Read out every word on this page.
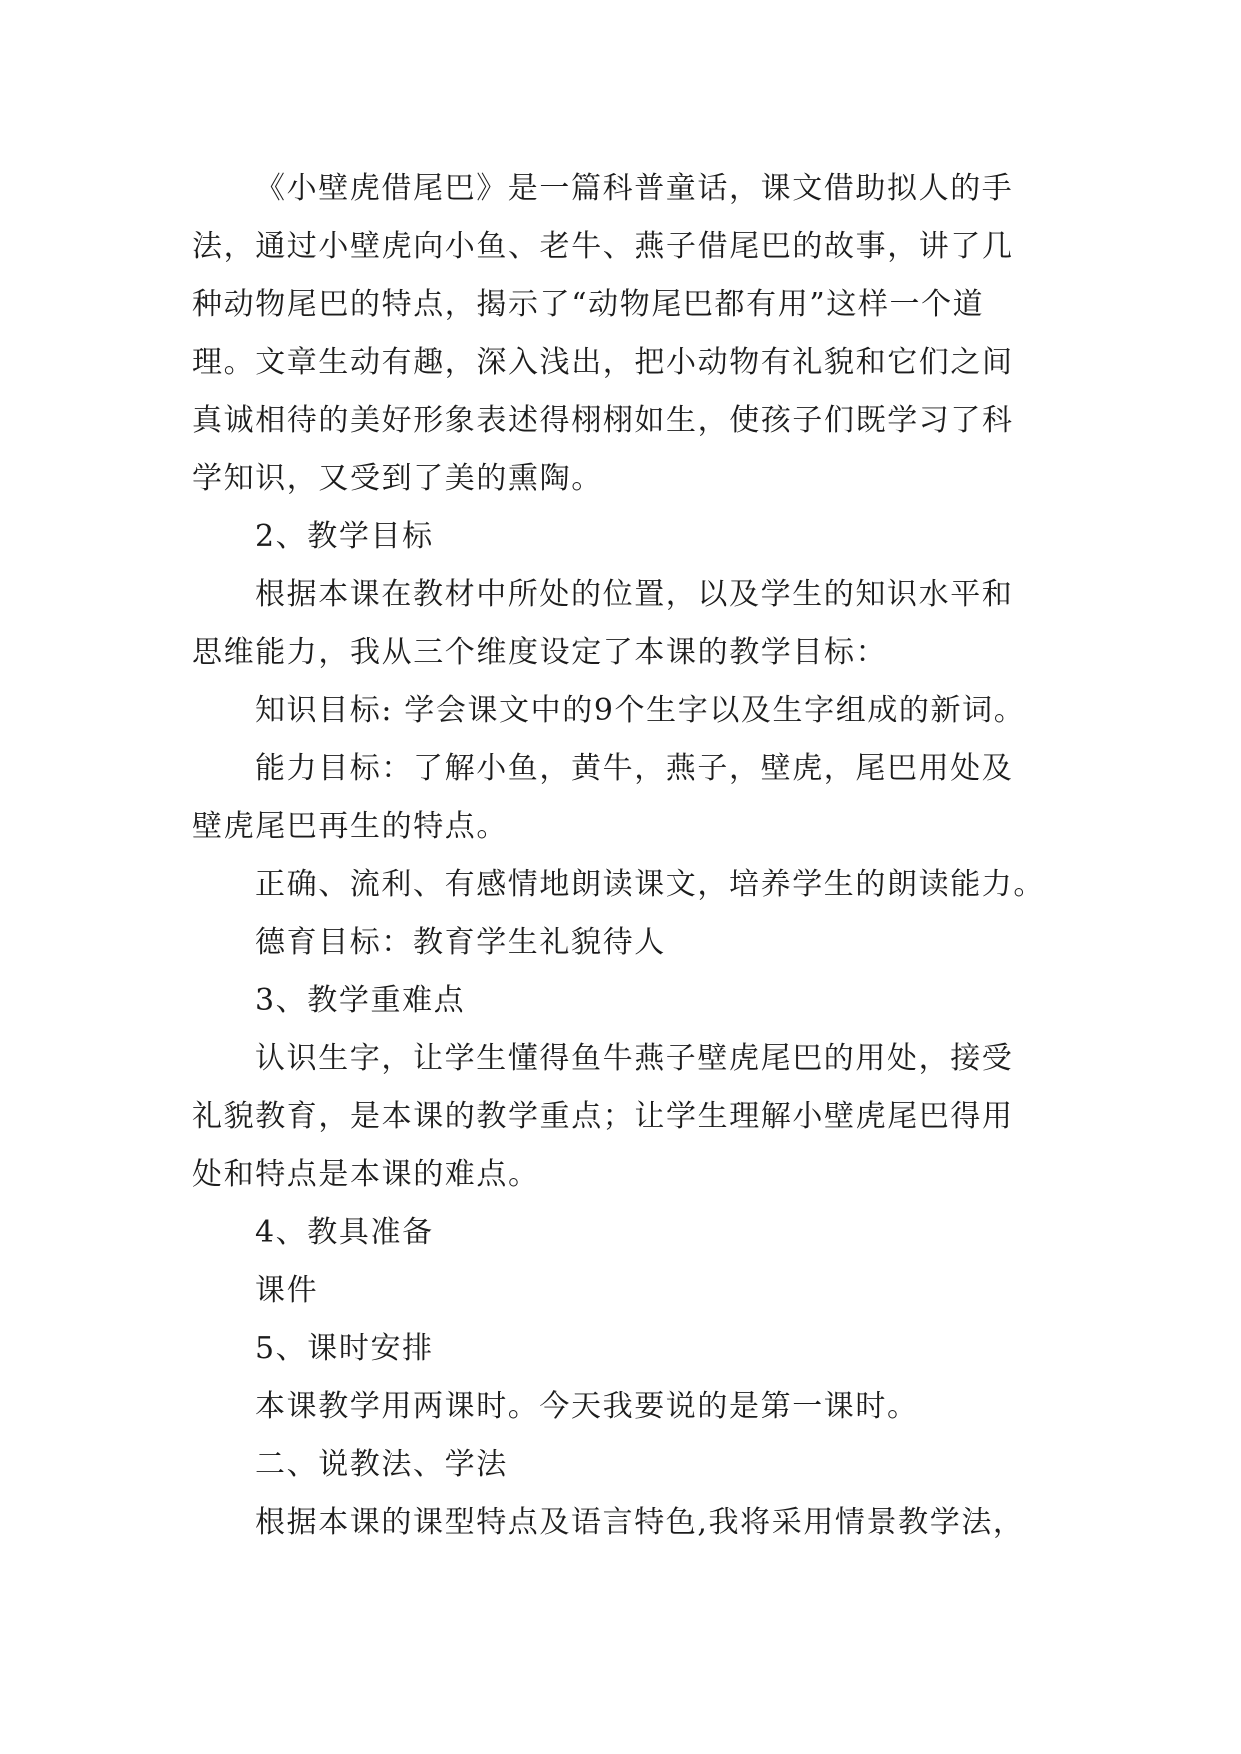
《小壁虎借尾巴》是一篇科普童话，课文借助拟人的手
法，通过小壁虎向小鱼、老牛、燕子借尾巴的故事，讲了几
种动物尾巴的特点，揭示了“动物尾巴都有用”这样一个道
理。文章生动有趣，深入浅出，把小动物有礼貌和它们之间
真诚相待的美好形象表述得栩栩如生，使孩子们既学习了科
学知识，又受到了美的熏陶。
2、教学目标
根据本课在教材中所处的位置，以及学生的知识水平和
思维能力，我从三个维度设定了本课的教学目标：
知识目标: 学会课文中的9个生字以及生字组成的新词。
能力目标：了解小鱼，黄牛，燕子，壁虎，尾巴用处及
壁虎尾巴再生的特点。
正确、流利、有感情地朗读课文，培养学生的朗读能力。
德育目标：教育学生礼貌待人
3、教学重难点
认识生字，让学生懂得鱼牛燕子壁虎尾巴的用处，接受
礼貌教育，是本课的教学重点；让学生理解小壁虎尾巴得用
处和特点是本课的难点。
4、教具准备
课件
5、课时安排
本课教学用两课时。今天我要说的是第一课时。
二、说教法、学法
根据本课的课型特点及语言特色,我将采用情景教学法，
